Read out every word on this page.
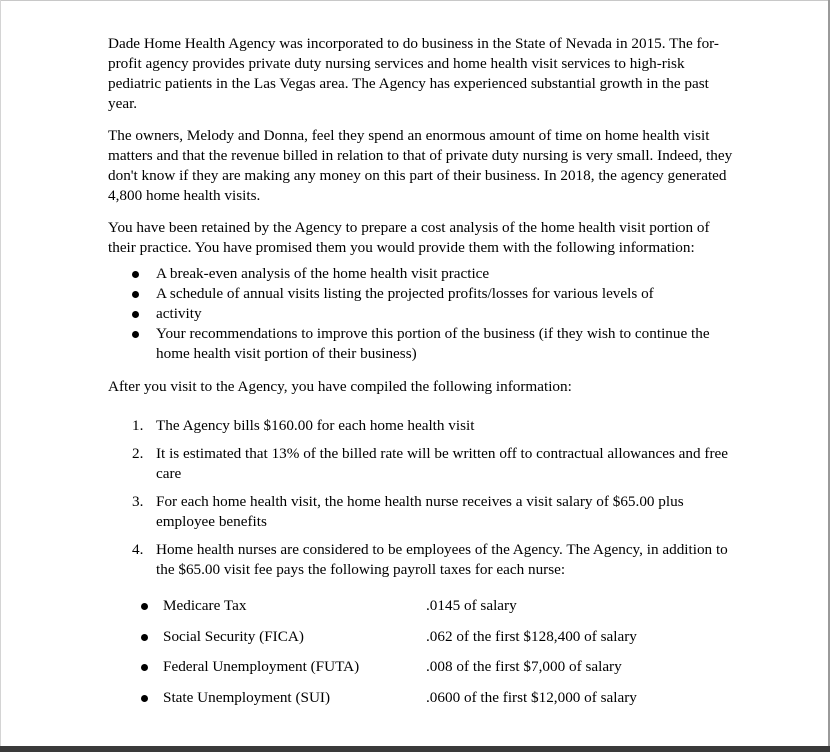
Dade Home Health Agency was incorporated to do business in the State of Nevada in 2015. The for-profit agency provides private duty nursing services and home health visit services to high-risk pediatric patients in the Las Vegas area. The Agency has experienced substantial growth in the past year.

The owners, Melody and Donna, feel they spend an enormous amount of time on home health visit matters and that the revenue billed in relation to that of private duty nursing is very small. Indeed, they don't know if they are making any money on this part of their business. In 2018, the agency generated 4,800 home health visits.

You have been retained by the Agency to prepare a cost analysis of the home health visit portion of their practice. You have promised them you would provide them with the following information:

A break-even analysis of the home health visit practice
A schedule of annual visits listing the projected profits/losses for various levels of
activity
Your recommendations to improve this portion of the business (if they wish to continue the home health visit portion of their business)

After you visit to the Agency, you have compiled the following information:

1. The Agency bills $160.00 for each home health visit
2. It is estimated that 13% of the billed rate will be written off to contractual allowances and free care
3. For each home health visit, the home health nurse receives a visit salary of $65.00 plus employee benefits
4. Home health nurses are considered to be employees of the Agency. The Agency, in addition to the $65.00 visit fee pays the following payroll taxes for each nurse:
Medicare Tax	.0145 of salary
Social Security (FICA)	.062 of the first $128,400 of salary
Federal Unemployment (FUTA)	.008 of the first $7,000 of salary
State Unemployment (SUI)	.0600 of the first $12,000 of salary
